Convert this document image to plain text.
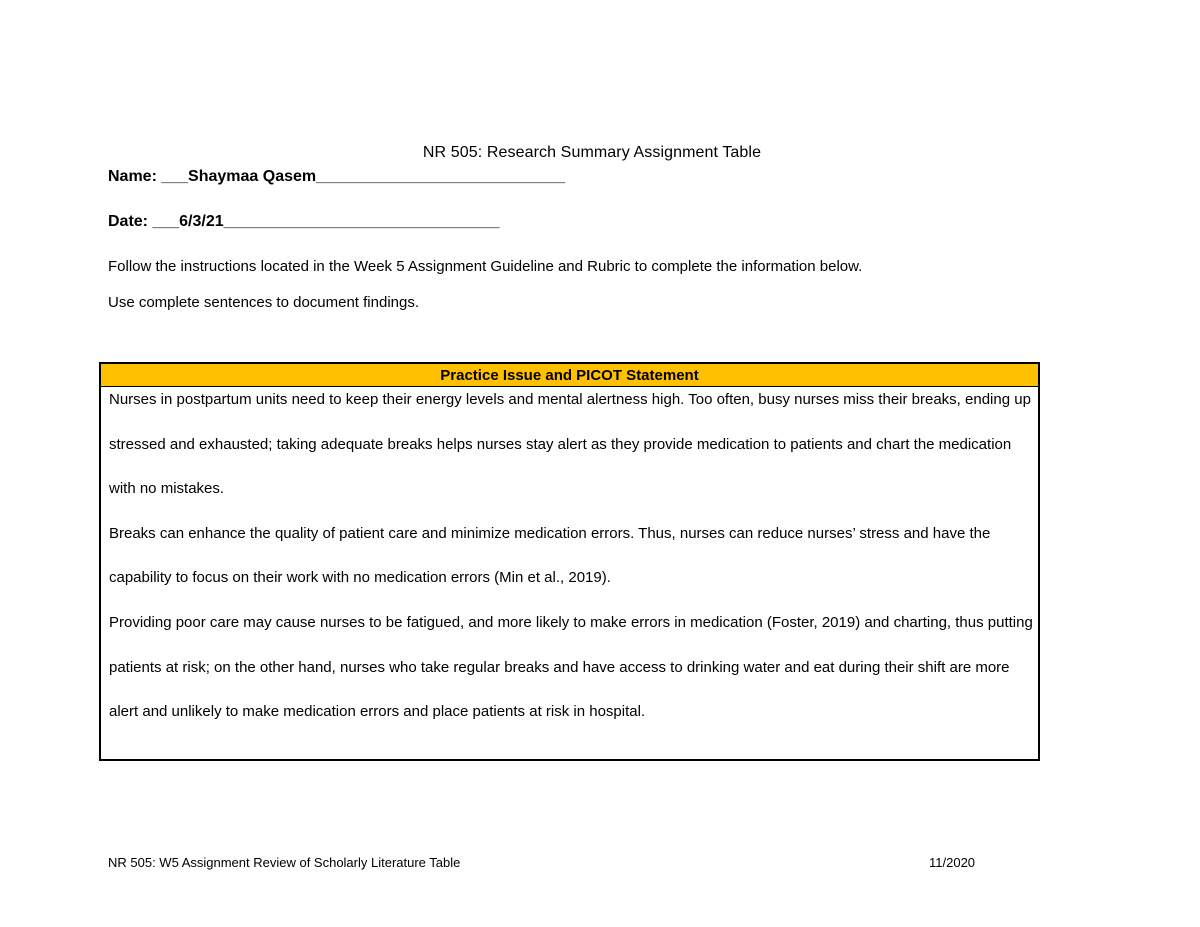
NR 505: Research Summary Assignment Table
Name: ___Shaymaa Qasem____________________________
Date: ___6/3/21_______________________________
Follow the instructions located in the Week 5 Assignment Guideline and Rubric to complete the information below.
Use complete sentences to document findings.
Practice Issue and PICOT Statement

Nurses in postpartum units need to keep their energy levels and mental alertness high. Too often, busy nurses miss their breaks, ending up stressed and exhausted; taking adequate breaks helps nurses stay alert as they provide medication to patients and chart the medication with no mistakes.

Breaks can enhance the quality of patient care and minimize medication errors. Thus, nurses can reduce nurses’ stress and have the capability to focus on their work with no medication errors (Min et al., 2019).

Providing poor care may cause nurses to be fatigued, and more likely to make errors in medication (Foster, 2019) and charting, thus putting patients at risk; on the other hand, nurses who take regular breaks and have access to drinking water and eat during their shift are more alert and unlikely to make medication errors and place patients at risk in hospital.

NR 505: W5 Assignment Review of Scholarly Literature Table	11/2020
